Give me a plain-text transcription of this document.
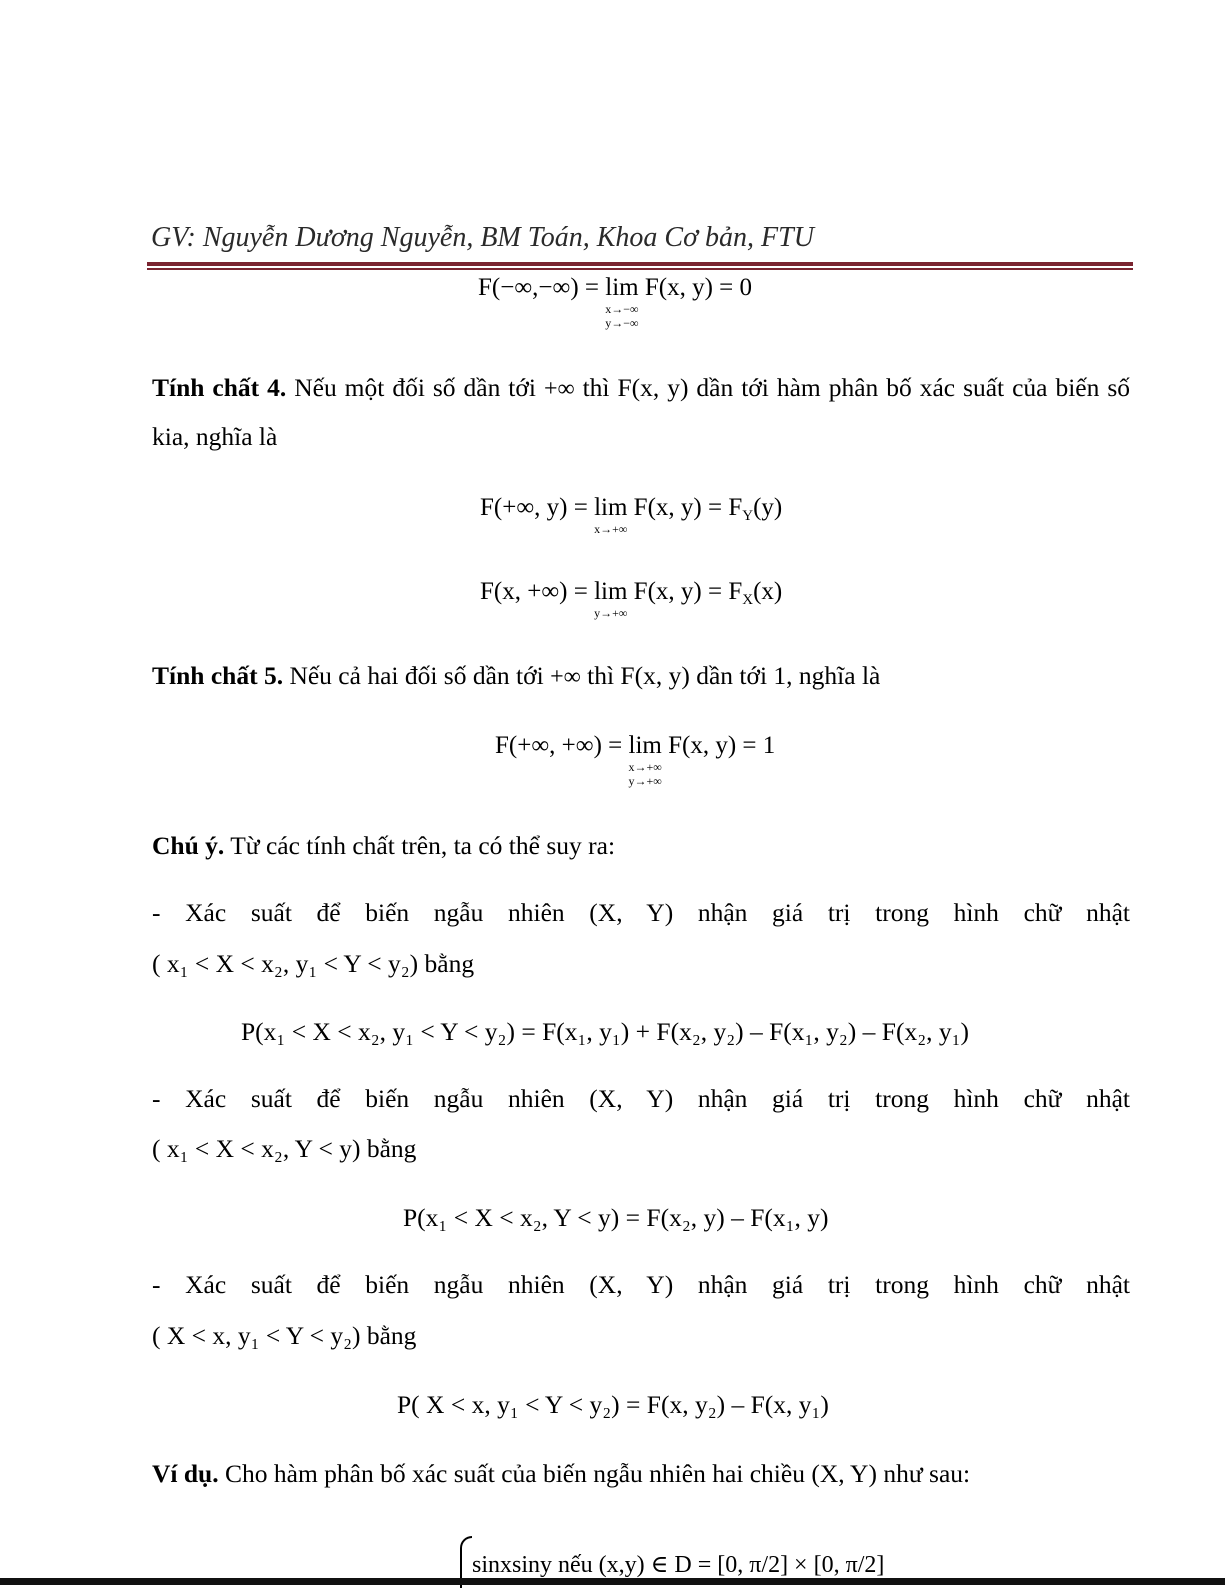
GV: Nguyễn Dương Nguyễn, BM Toán, Khoa Cơ bản, FTU
F(−∞,−∞) = lim
x→−∞
y→−∞
F(x, y) = 0
Tính chất 4. Nếu một đối số dần tới +∞ thì F(x, y) dần tới hàm phân bố xác suất của biến số kia, nghĩa là
F(+∞, y) = lim
x→+∞
F(x, $y) = F_Y(y)$
F(x, +∞) = lim
y→+∞
F(x, $y) = F_X(x)$
Tính chất 5. Nếu cả hai đối số dần tới +∞ thì F(x, y) dần tới 1, nghĩa là
F(+∞, +∞) = lim
x→+∞
y→+∞
F(x, y) = 1
Chú ý. Từ các tính chất trên, ta có thể suy ra:
- Xác suất để biến ngẫu nhiên (X, Y) nhận giá trị trong hình chữ nhật
( x₁ < X < x₂, y₁ < Y < y₂) bằng
P(x₁ < X < x₂, y₁ < Y < y₂) = F(x₁, y₁) + F(x₂, y₂) – F(x₁, y₂) – F(x₂, y₁)
- Xác suất để biến ngẫu nhiên (X, Y) nhận giá trị trong hình chữ nhật
( x₁ < X < x₂, Y < y) bằng
P(x₁ < X < x₂, Y < y) = F(x₂, y) – F(x₁, y)
- Xác suất để biến ngẫu nhiên (X, Y) nhận giá trị trong hình chữ nhật
( X < x, y₁ < Y < y₂) bằng
P( X < x, y₁ < Y < y₂) = F(x, y₂) – F(x, y₁)
Ví dụ. Cho hàm phân bố xác suất của biến ngẫu nhiên hai chiều (X, Y) như sau:
sinxsiny nếu (x,y) ∈ D = [0, π/2] × [0, π/2]
